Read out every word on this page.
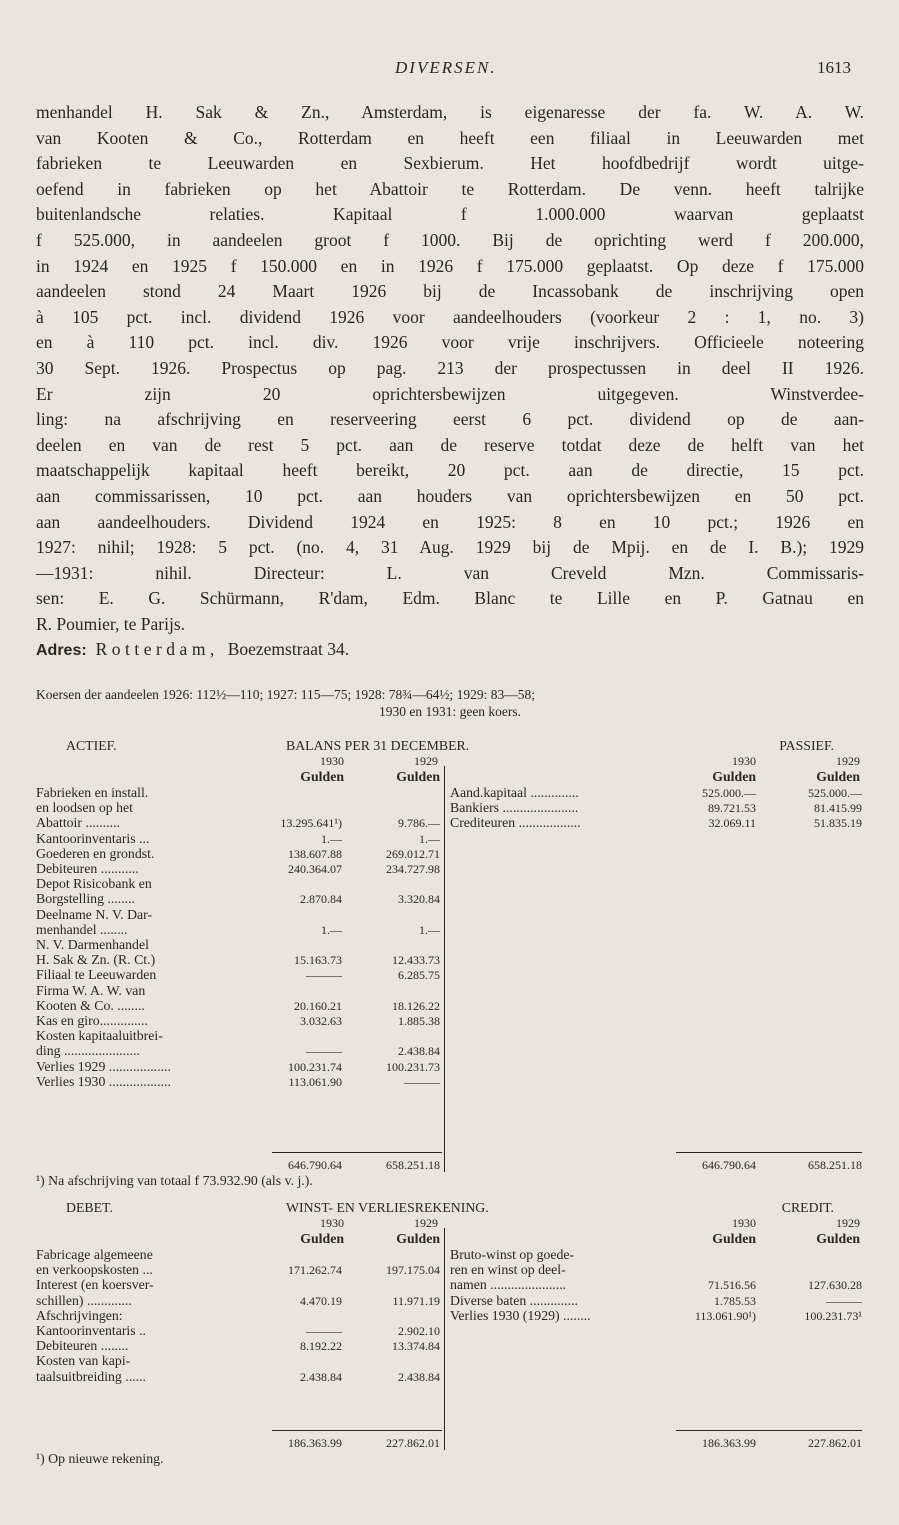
DIVERSEN.	1613
menhandel H. Sak & Zn., Amsterdam, is eigenaresse der fa. W. A. W.
van Kooten & Co., Rotterdam en heeft een filiaal in Leeuwarden met
fabrieken te Leeuwarden en Sexbierum. Het hoofdbedrijf wordt uitge-
oefend in fabrieken op het Abattoir te Rotterdam. De venn. heeft talrijke
buitenlandsche relaties. Kapitaal f 1.000.000 waarvan geplaatst
f 525.000, in aandeelen groot f 1000. Bij de oprichting werd f 200.000,
in 1924 en 1925 f 150.000 en in 1926 f 175.000 geplaatst. Op deze f 175.000
aandeelen stond 24 Maart 1926 bij de Incassobank de inschrijving open
à 105 pct. incl. dividend 1926 voor aandeelhouders (voorkeur 2 : 1, no. 3)
en à 110 pct. incl. div. 1926 voor vrije inschrijvers. Officieele noteering
30 Sept. 1926. Prospectus op pag. 213 der prospectussen in deel II 1926.
Er zijn 20 oprichtersbewijzen uitgegeven. Winstverdee-
ling: na afschrijving en reserveering eerst 6 pct. dividend op de aan-
deelen en van de rest 5 pct. aan de reserve totdat deze de helft van het
maatschappelijk kapitaal heeft bereikt, 20 pct. aan de directie, 15 pct.
aan commissarissen, 10 pct. aan houders van oprichtersbewijzen en 50 pct.
aan aandeelhouders. Dividend 1924 en 1925: 8 en 10 pct.; 1926 en
1927: nihil; 1928: 5 pct. (no. 4, 31 Aug. 1929 bij de Mpij. en de I. B.); 1929
—1931: nihil. Directeur: L. van Creveld Mzn. Commissaris-
sen: E. G. Schürmann, R'dam, Edm. Blanc te Lille en P. Gatnau en
R. Poumier, te Parijs.
Adres: Rotterdam, Boezemstraat 34.
Koersen der aandeelen 1926: 112½—110; 1927: 115—75; 1928: 78¾—64½; 1929: 83—58;
1930 en 1931: geen koers.
ACTIEF.	BALANS PER 31 DECEMBER.	PASSIEF.
1930	1929
Gulden	Gulden
1930	1929
Gulden	Gulden
Fabrieken en install.
en loodsen op het
Abattoir ..........	13.295.641¹)	9.786.—
Kantoorinventaris ...	1.—	1.—
Goederen en grondst.	138.607.88	269.012.71
Debiteuren ...........	240.364.07	234.727.98
Depot Risicobank en
Borgstelling ........	2.870.84	3.320.84
Deelname N. V. Dar-
menhandel ........	1.—	1.—
N. V. Darmenhandel
H. Sak & Zn. (R. Ct.)	15.163.73	12.433.73
Filiaal te Leeuwarden	———	6.285.75
Firma W. A. W. van
Kooten & Co. ........	20.160.21	18.126.22
Kas en giro..............	3.032.63	1.885.38
Kosten kapitaaluitbrei-
ding ......................	———	2.438.84
Verlies 1929 ..................	100.231.74	100.231.73
Verlies 1930 ..................	113.061.90	———
Aand.kapitaal ..............	525.000.—	525.000.—
Bankiers ......................	89.721.53	81.415.99
Crediteuren ..................	32.069.11	51.835.19
646.790.64	658.251.18	646.790.64	658.251.18
¹) Na afschrijving van totaal f 73.932.90 (als v. j.).
DEBET.	WINST- EN VERLIESREKENING.	CREDIT.
1930	1929
Gulden	Gulden
1930	1929
Gulden	Gulden
Fabricage algemeene
en verkoopskosten ...	171.262.74	197.175.04
Interest (en koersver-
schillen) .............	4.470.19	11.971.19
Afschrijvingen:
Kantoorinventaris ..	———	2.902.10
Debiteuren ........	8.192.22	13.374.84
Kosten van kapi-
taalsuitbreiding ......	2.438.84	2.438.84
Bruto-winst op goede-
ren en winst op deel-
namen ......................	71.516.56	127.630.28
Diverse baten ..............	1.785.53	———
Verlies 1930 (1929) ........	113.061.90¹)	100.231.73¹
186.363.99	227.862.01	186.363.99	227.862.01
¹) Op nieuwe rekening.
